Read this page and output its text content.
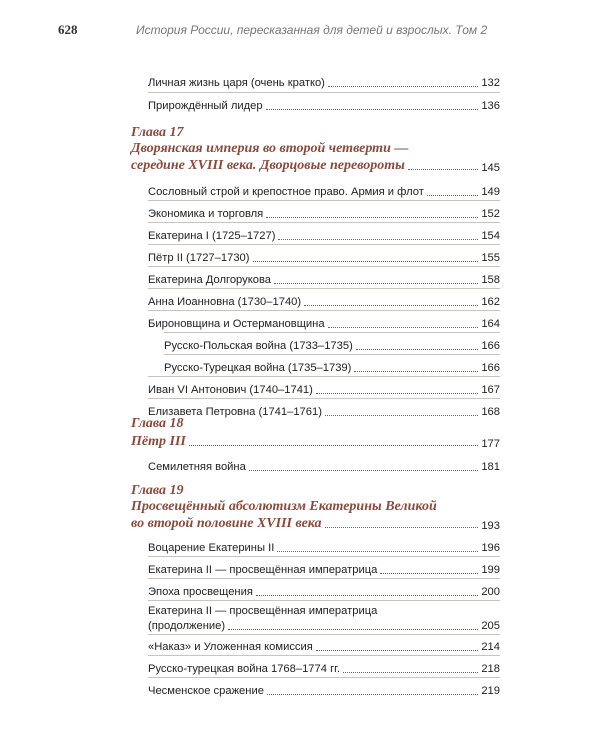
628	История России, пересказанная для детей и взрослых. Том 2
Личная жизнь царя (очень кратко)	132
Прирождённый лидер	136
Глава 17
Дворянская империя во второй четверти —
середине XVIII века. Дворцовые перевороты	145
Сословный строй и крепостное право. Армия и флот	149
Экономика и торговля	152
Екатерина I (1725–1727)	154
Пётр II (1727–1730)	155
Екатерина Долгорукова	158
Анна Иоанновна (1730–1740)	162
Бироновщина и Остермановщина	164
Русско-Польская война (1733–1735)	166
Русско-Турецкая война (1735–1739)	166
Иван VI Антонович (1740–1741)	167
Елизавета Петровна (1741–1761)	168
Глава 18
Пётр III	177
Семилетняя война	181
Глава 19
Просвещённый абсолютизм Екатерины Великой
во второй половине XVIII века	193
Воцарение Екатерины II	196
Екатерина II — просвещённая императрица	199
Эпоха просвещения	200
Екатерина II — просвещённая императрица
(продолжение)	205
«Наказ» и Уложенная комиссия	214
Русско-турецкая война 1768–1774 гг.	218
Чесменское сражение	219
